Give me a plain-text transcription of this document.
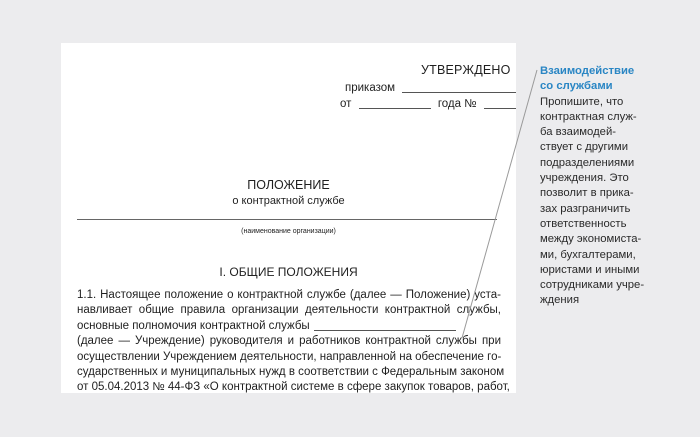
УТВЕРЖДЕНО
приказом
от	года №
ПОЛОЖЕНИЕ
о контрактной службе
(наименование организации)
I. ОБЩИЕ ПОЛОЖЕНИЯ
1.1. Настоящее положение о контрактной службе (далее — Положение) уста-
навливает общие правила организации деятельности контрактной службы,
основные полномочия контрактной службы
(далее — Учреждение) руководителя и работников контрактной службы при
осуществлении Учреждением деятельности, направленной на обеспечение го-
сударственных и муниципальных нужд в соответствии с Федеральным законом
от 05.04.2013 № 44-ФЗ «О контрактной системе в сфере закупок товаров, работ,
Взаимодействие
со службами
Пропишите, что
контрактная служ-
ба взаимодей-
ствует с другими
подразделениями
учреждения. Это
позволит в прика-
зах разграничить
ответственность
между экономиста-
ми, бухгалтерами,
юристами и иными
сотрудниками учре-
ждения
